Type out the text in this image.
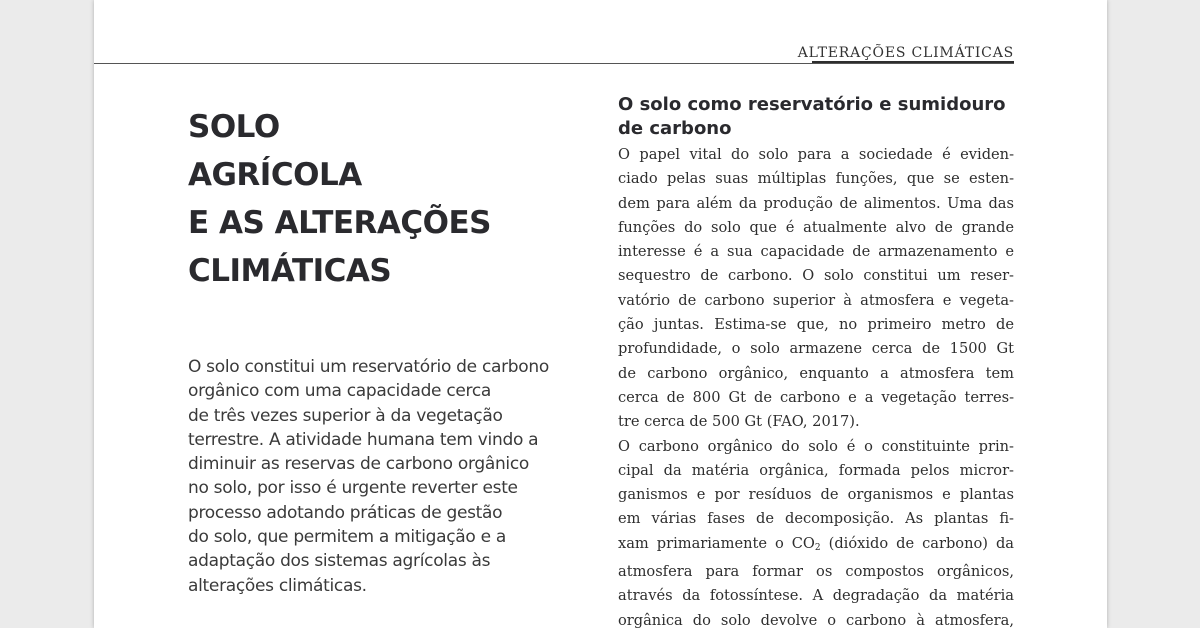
ALTERAÇÕES CLIMÁTICAS
SOLO
AGRÍCOLA
E AS ALTERAÇÕES
CLIMÁTICAS
O solo constitui um reservatório de carbono
orgânico com uma capacidade cerca
de três vezes superior à da vegetação
terrestre. A atividade humana tem vindo a
diminuir as reservas de carbono orgânico
no solo, por isso é urgente reverter este
processo adotando práticas de gestão
do solo, que permitem a mitigação e a
adaptação dos sistemas agrícolas às
alterações climáticas.
O solo como reservatório e sumidouro
de carbono
O papel vital do solo para a sociedade é eviden-
ciado pelas suas múltiplas funções, que se esten-
dem para além da produção de alimentos. Uma das
funções do solo que é atualmente alvo de grande
interesse é a sua capacidade de armazenamento e
sequestro de carbono. O solo constitui um reser-
vatório de carbono superior à atmosfera e vegeta-
ção juntas. Estima-se que, no primeiro metro de
profundidade, o solo armazene cerca de 1500 Gt
de carbono orgânico, enquanto a atmosfera tem
cerca de 800 Gt de carbono e a vegetação terres-
tre cerca de 500 Gt (FAO, 2017).
O carbono orgânico do solo é o constituinte prin-
cipal da matéria orgânica, formada pelos micror-
ganismos e por resíduos de organismos e plantas
em várias fases de decomposição. As plantas fi-
xam primariamente o $CO_2$ (dióxido de carbono) da
atmosfera para formar os compostos orgânicos,
através da fotossíntese. A degradação da matéria
orgânica do solo devolve o carbono à atmosfera,
